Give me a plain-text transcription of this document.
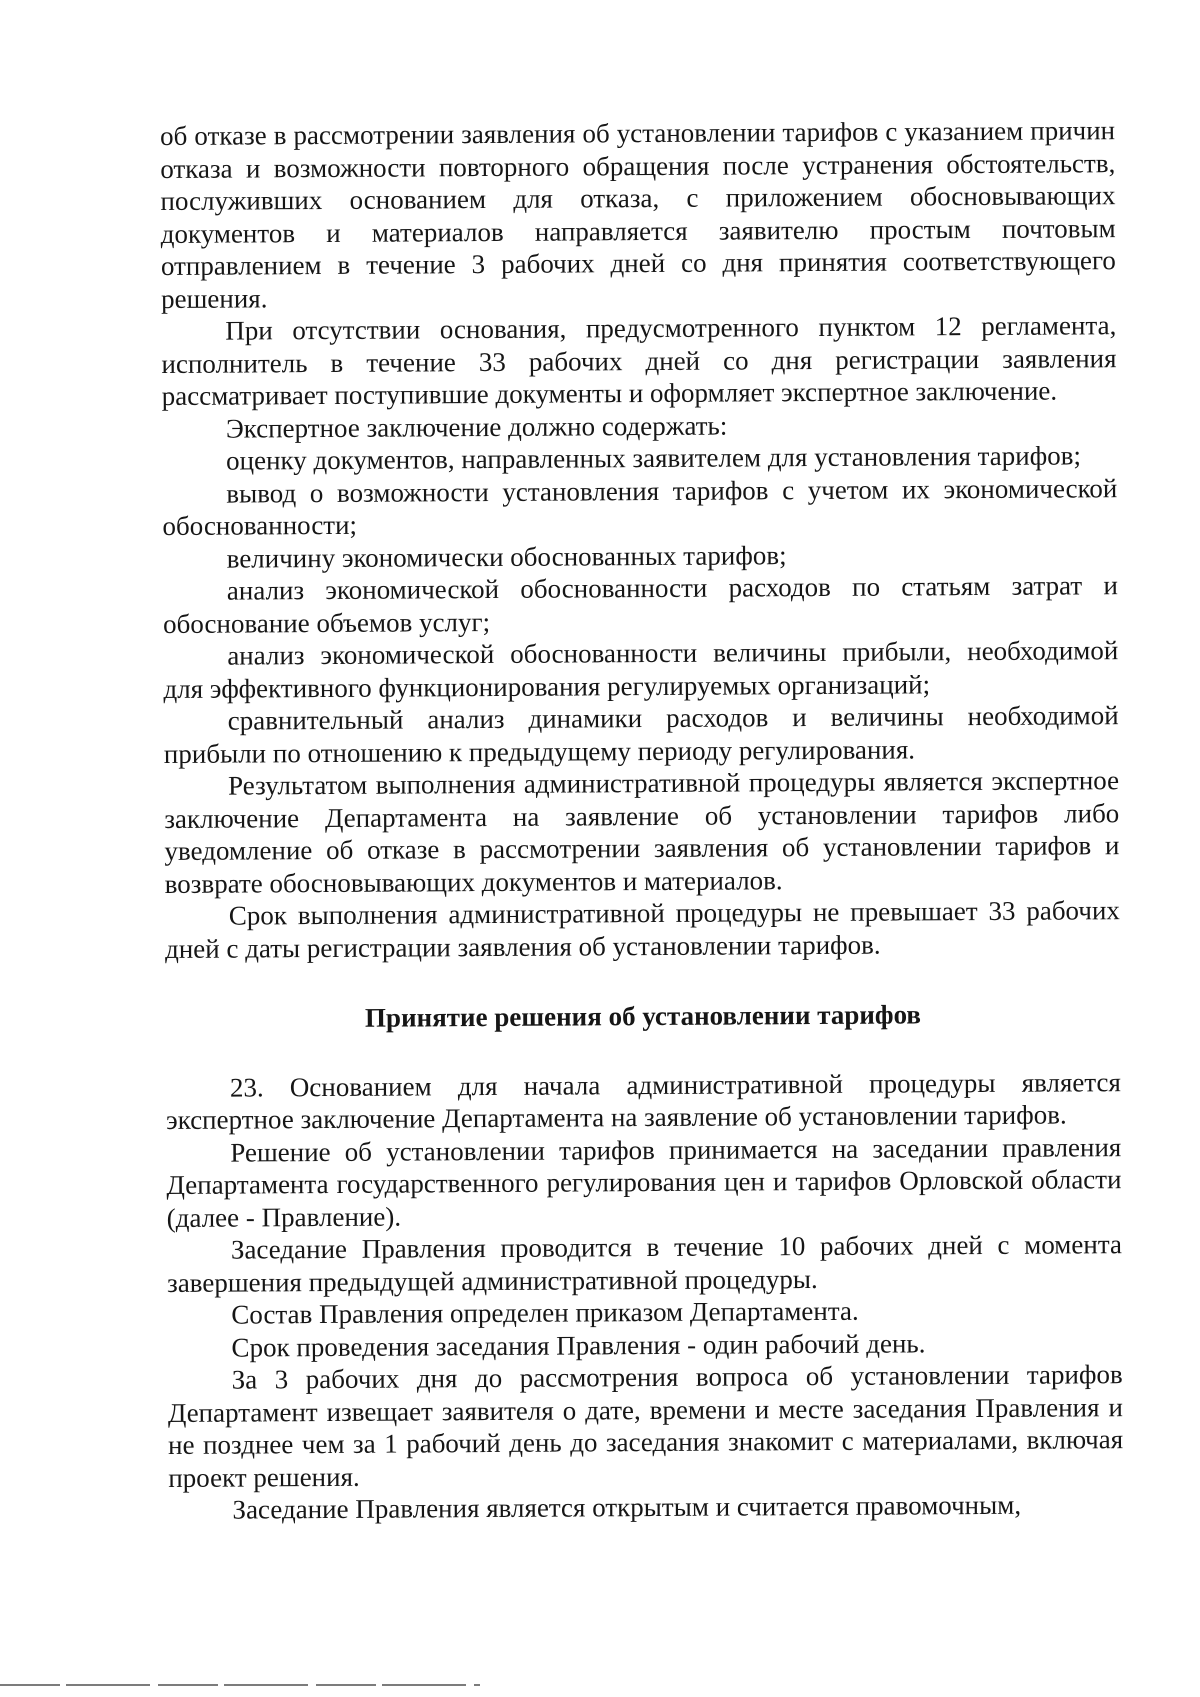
об отказе в рассмотрении заявления об установлении тарифов с указанием причин отказа и возможности повторного обращения после устранения обстоятельств, послуживших основанием для отказа, с приложением обосновывающих документов и материалов направляется заявителю простым почтовым отправлением в течение 3 рабочих дней со дня принятия соответствующего решения.

При отсутствии основания, предусмотренного пунктом 12 регламента, исполнитель в течение 33 рабочих дней со дня регистрации заявления рассматривает поступившие документы и оформляет экспертное заключение.

Экспертное заключение должно содержать:

оценку документов, направленных заявителем для установления тарифов;

вывод о возможности установления тарифов с учетом их экономической обоснованности;

величину экономически обоснованных тарифов;

анализ экономической обоснованности расходов по статьям затрат и обоснование объемов услуг;

анализ экономической обоснованности величины прибыли, необходимой для эффективного функционирования регулируемых организаций;

сравнительный анализ динамики расходов и величины необходимой прибыли по отношению к предыдущему периоду регулирования.

Результатом выполнения административной процедуры является экспертное заключение Департамента на заявление об установлении тарифов либо уведомление об отказе в рассмотрении заявления об установлении тарифов и возврате обосновывающих документов и материалов.

Срок выполнения административной процедуры не превышает 33 рабочих дней с даты регистрации заявления об установлении тарифов.

Принятие решения об установлении тарифов

23. Основанием для начала административной процедуры является экспертное заключение Департамента на заявление об установлении тарифов.

Решение об установлении тарифов принимается на заседании правления Департамента государственного регулирования цен и тарифов Орловской области (далее - Правление).

Заседание Правления проводится в течение 10 рабочих дней с момента завершения предыдущей административной процедуры.

Состав Правления определен приказом Департамента.

Срок проведения заседания Правления - один рабочий день.

За 3 рабочих дня до рассмотрения вопроса об установлении тарифов Департамент извещает заявителя о дате, времени и месте заседания Правления и не позднее чем за 1 рабочий день до заседания знакомит с материалами, включая проект решения.

Заседание Правления является открытым и считается правомочным,
